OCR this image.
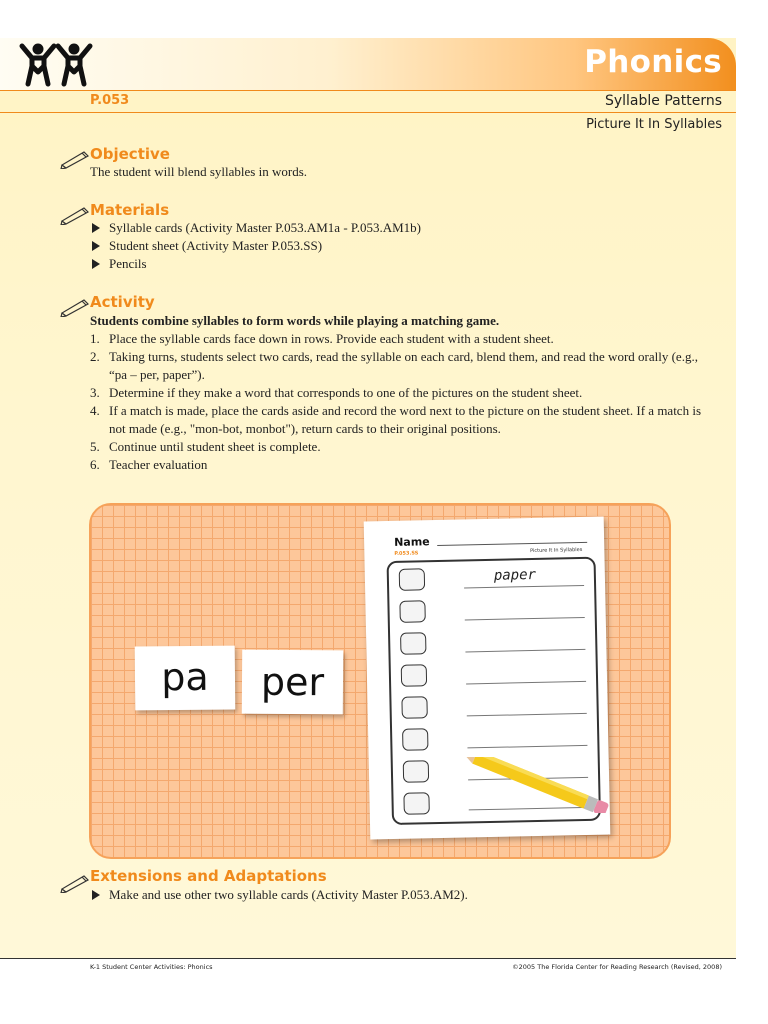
Phonics
P.053	Syllable Patterns
Picture It In Syllables
Objective
The student will blend syllables in words.
Materials
Syllable cards (Activity Master P.053.AM1a - P.053.AM1b)
Student sheet (Activity Master P.053.SS)
Pencils
Activity
Students combine syllables to form words while playing a matching game.
1. Place the syllable cards face down in rows. Provide each student with a student sheet.
2. Taking turns, students select two cards, read the syllable on each card, blend them, and read the word orally (e.g., “pa – per, paper”).
3. Determine if they make a word that corresponds to one of the pictures on the student sheet.
4. If a match is made, place the cards aside and record the word next to the picture on the student sheet. If a match is not made (e.g., "mon-bot, monbot"), return cards to their original positions.
5. Continue until student sheet is complete.
6. Teacher evaluation
pa	per
Name
P.053.SS	Picture It In Syllables
paper
Extensions and Adaptations
Make and use other two syllable cards (Activity Master P.053.AM2).
K-1 Student Center Activities: Phonics	©2005 The Florida Center for Reading Research (Revised, 2008)
